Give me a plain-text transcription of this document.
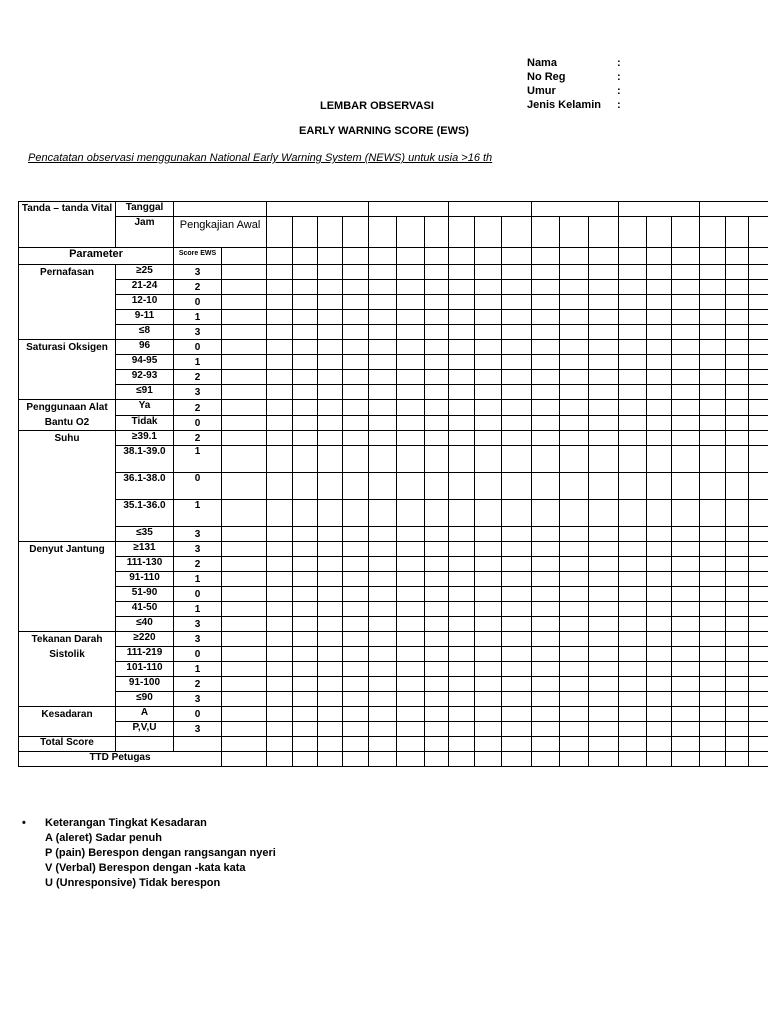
Nama	:
No Reg	:
Umur	:
Jenis Kelamin	:
LEMBAR OBSERVASI
EARLY WARNING SCORE (EWS)
Pencatatan observasi menggunakan National Early Warning System (NEWS) untuk usia >16 th
Tanda – tanda Vital	Tanggal																					
	Jam	Pengkajian Awal																				
Parameter		Score EWS																				
Pernafasan	≥25	3																				
	21-24	2																				
	12-10	0																				
	9-11	1																				
	≤8	3																				
Saturasi Oksigen	96	0																				
	94-95	1																				
	92-93	2																				
	≤91	3																				
Penggunaan Alat Bantu O2	Ya	2																				
	Tidak	0																				
Suhu	≥39.1	2																				
	38.1-39.0	1																				
	36.1-38.0	0																				
	35.1-36.0	1																				
	≤35	3																				
Denyut Jantung	≥131	3																				
	111-130	2																				
	91-110	1																				
	51-90	0																				
	41-50	1																				
	≤40	3																				
Tekanan Darah Sistolik	≥220	3																				
	111-219	0																				
	101-110	1																				
	91-100	2																				
	≤90	3																				
Kesadaran	A	0																				
	P,V,U	3																				
Total Score																						
TTD Petugas																						
• Keterangan Tingkat Kesadaran
A (aleret) Sadar penuh
P (pain) Berespon dengan rangsangan nyeri
V (Verbal) Berespon dengan -kata kata
U (Unresponsive) Tidak berespon
